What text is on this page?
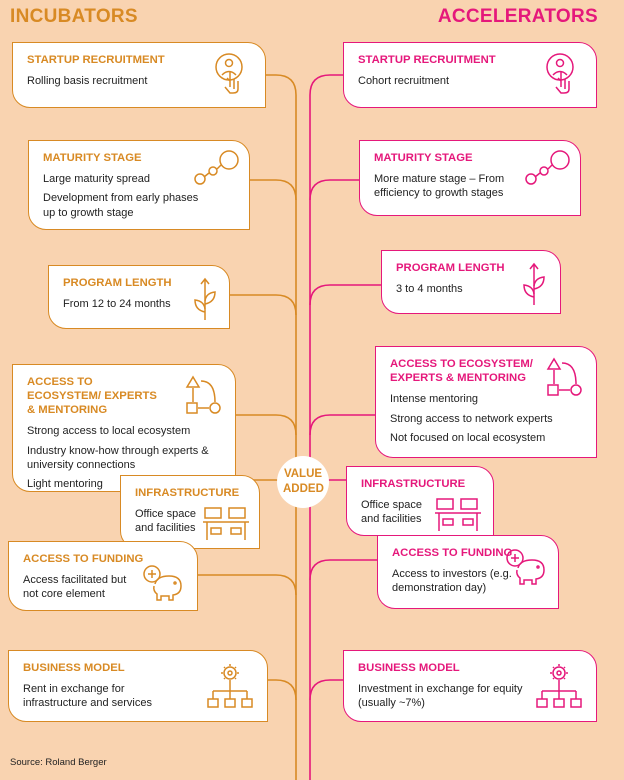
INCUBATORS	ACCELERATORS
STARTUP RECRUITMENT

Rolling basis recruitment

MATURITY STAGE

Large maturity spread

Development from early phases up to growth stage

PROGRAM LENGTH

From 12 to 24 months

ACCESS TO ECOSYSTEM/ EXPERTS & MENTORING

Strong access to local ecosystem

Industry know-how through experts & university connections

Light mentoring

INFRASTRUCTURE

Office space and facilities

ACCESS TO FUNDING

Access facilitated but not core element

BUSINESS MODEL

Rent in exchange for infrastructure and services

STARTUP RECRUITMENT

Cohort recruitment

MATURITY STAGE

More mature stage – From efficiency to growth stages

PROGRAM LENGTH

3 to 4 months

ACCESS TO ECOSYSTEM/ EXPERTS & MENTORING

Intense mentoring

Strong access to network experts

Not focused on local ecosystem

INFRASTRUCTURE

Office space and facilities

ACCESS TO FUNDING

Access to investors (e.g. demonstration day)

BUSINESS MODEL

Investment in exchange for equity (usually ~7%)

VALUE ADDED
Source: Roland Berger
